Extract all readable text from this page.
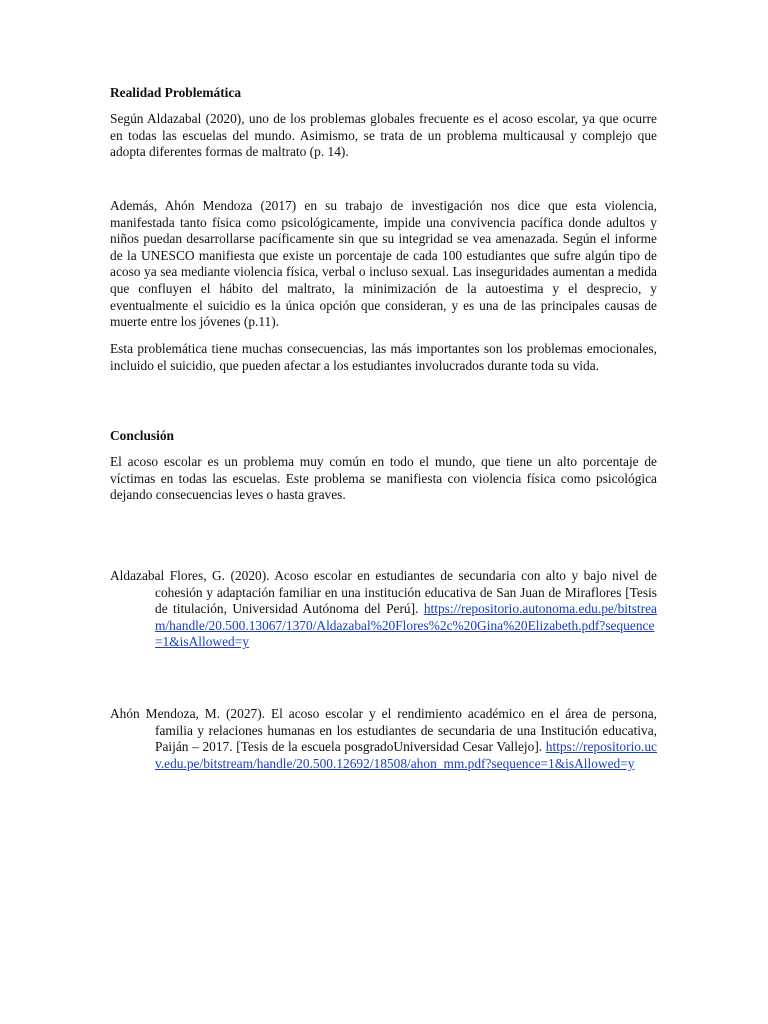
Realidad Problemática

Según Aldazabal (2020), uno de los problemas globales frecuente es el acoso escolar, ya que ocurre en todas las escuelas del mundo. Asimismo, se trata de un problema multicausal y complejo que adopta diferentes formas de maltrato (p. 14).

Además, Ahón Mendoza (2017) en su trabajo de investigación nos dice que esta violencia, manifestada tanto física como psicológicamente, impide una convivencia pacífica donde adultos y niños puedan desarrollarse pacíficamente sin que su integridad se vea amenazada. Según el informe de la UNESCO manifiesta que existe un porcentaje de cada 100 estudiantes que sufre algún tipo de acoso ya sea mediante violencia física, verbal o incluso sexual. Las inseguridades aumentan a medida que confluyen el hábito del maltrato, la minimización de la autoestima y el desprecio, y eventualmente el suicidio es la única opción que consideran, y es una de las principales causas de muerte entre los jóvenes (p.11).

Esta problemática tiene muchas consecuencias, las más importantes son los problemas emocionales, incluido el suicidio, que pueden afectar a los estudiantes involucrados durante toda su vida.

Conclusión

El acoso escolar es un problema muy común en todo el mundo, que tiene un alto porcentaje de víctimas en todas las escuelas. Este problema se manifiesta con violencia física como psicológica dejando consecuencias leves o hasta graves.

Aldazabal Flores, G. (2020). Acoso escolar en estudiantes de secundaria con alto y bajo nivel de cohesión y adaptación familiar en una institución educativa de San Juan de Miraflores [Tesis de titulación, Universidad Autónoma del Perú]. https://repositorio.autonoma.edu.pe/bitstream/handle/20.500.13067/1370/Aldazabal%20Flores%2c%20Gina%20Elizabeth.pdf?sequence=1&isAllowed=y

Ahón Mendoza, M. (2027). El acoso escolar y el rendimiento académico en el área de persona, familia y relaciones humanas en los estudiantes de secundaria de una Institución educativa, Paiján – 2017. [Tesis de la escuela posgradoUniversidad Cesar Vallejo]. https://repositorio.ucv.edu.pe/bitstream/handle/20.500.12692/18508/ahon_mm.pdf?sequence=1&isAllowed=y
